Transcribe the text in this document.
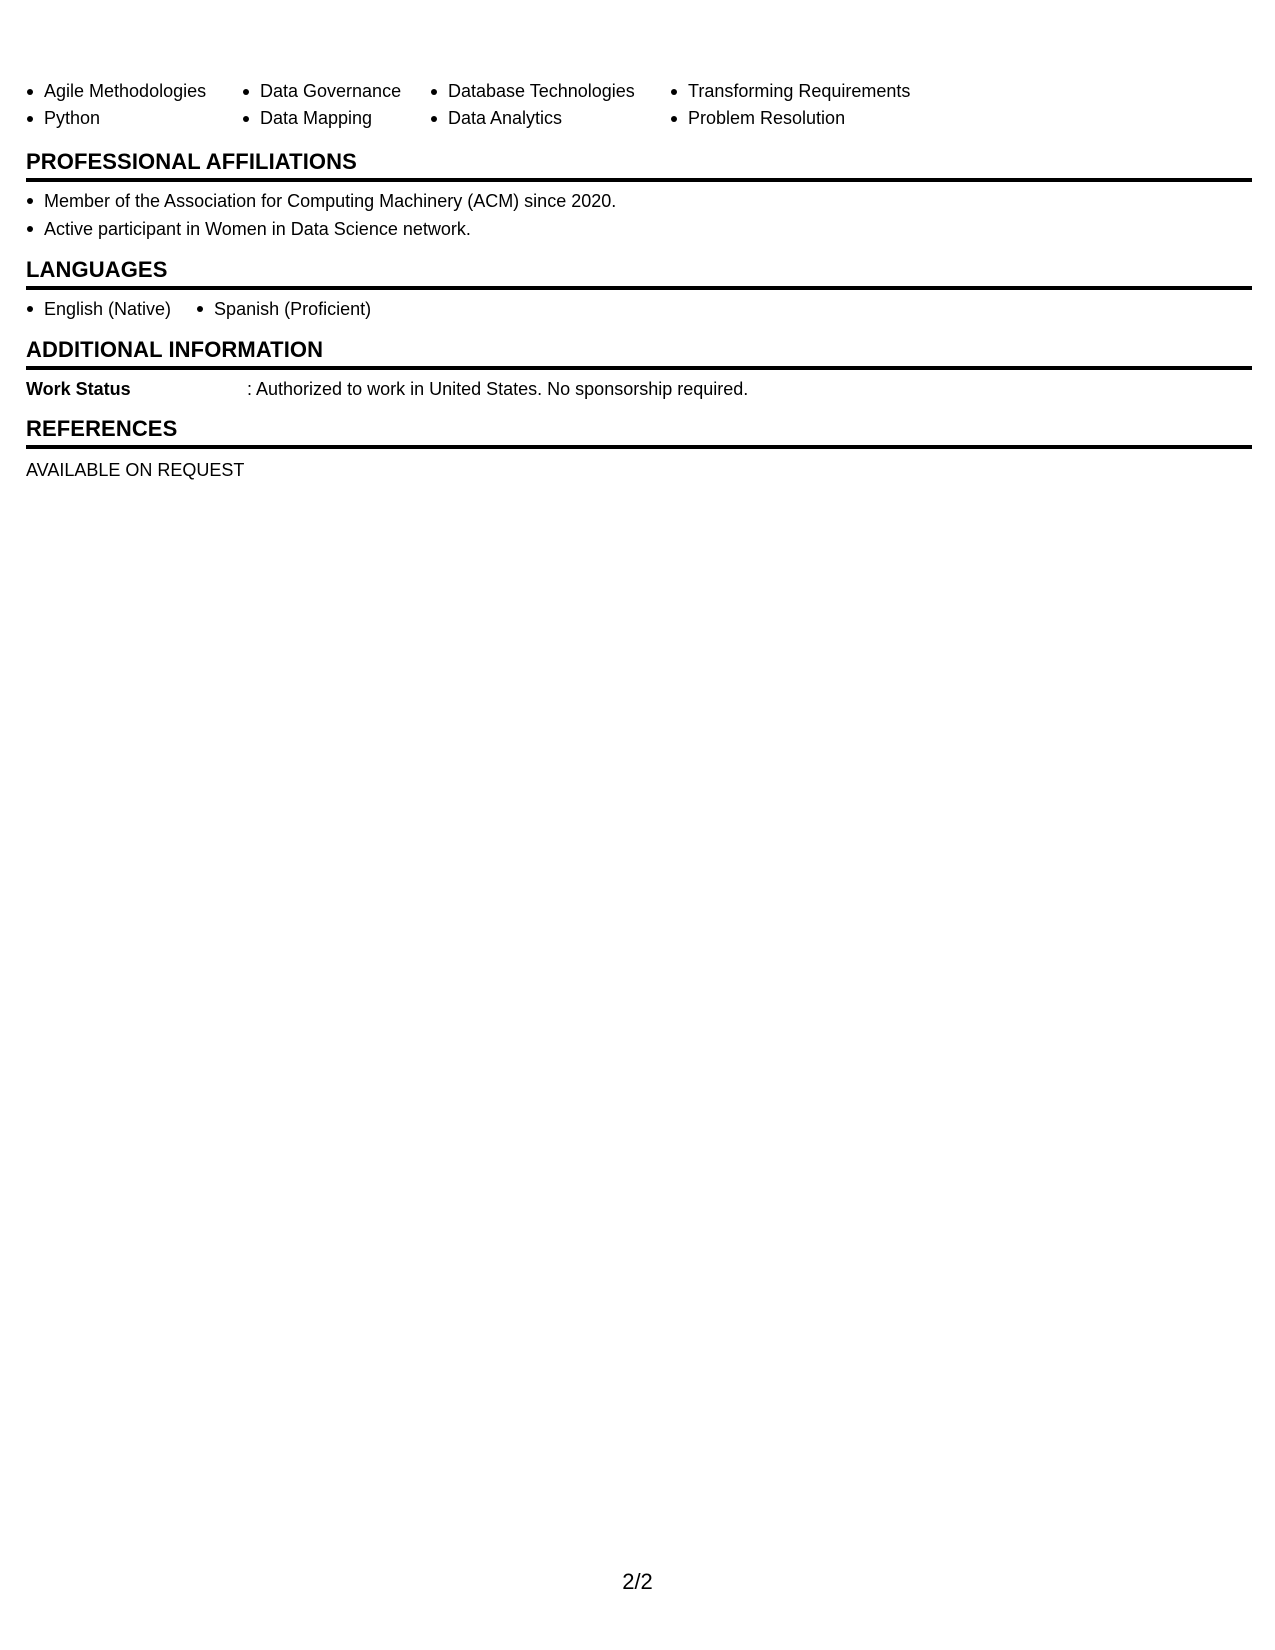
Agile Methodologies
Python
Data Governance
Data Mapping
Database Technologies
Data Analytics
Transforming Requirements
Problem Resolution
PROFESSIONAL AFFILIATIONS
Member of the Association for Computing Machinery (ACM) since 2020.
Active participant in Women in Data Science network.
LANGUAGES
English (Native)	Spanish (Proficient)
ADDITIONAL INFORMATION
Work Status	: Authorized to work in United States. No sponsorship required.
REFERENCES
AVAILABLE ON REQUEST
2/2
